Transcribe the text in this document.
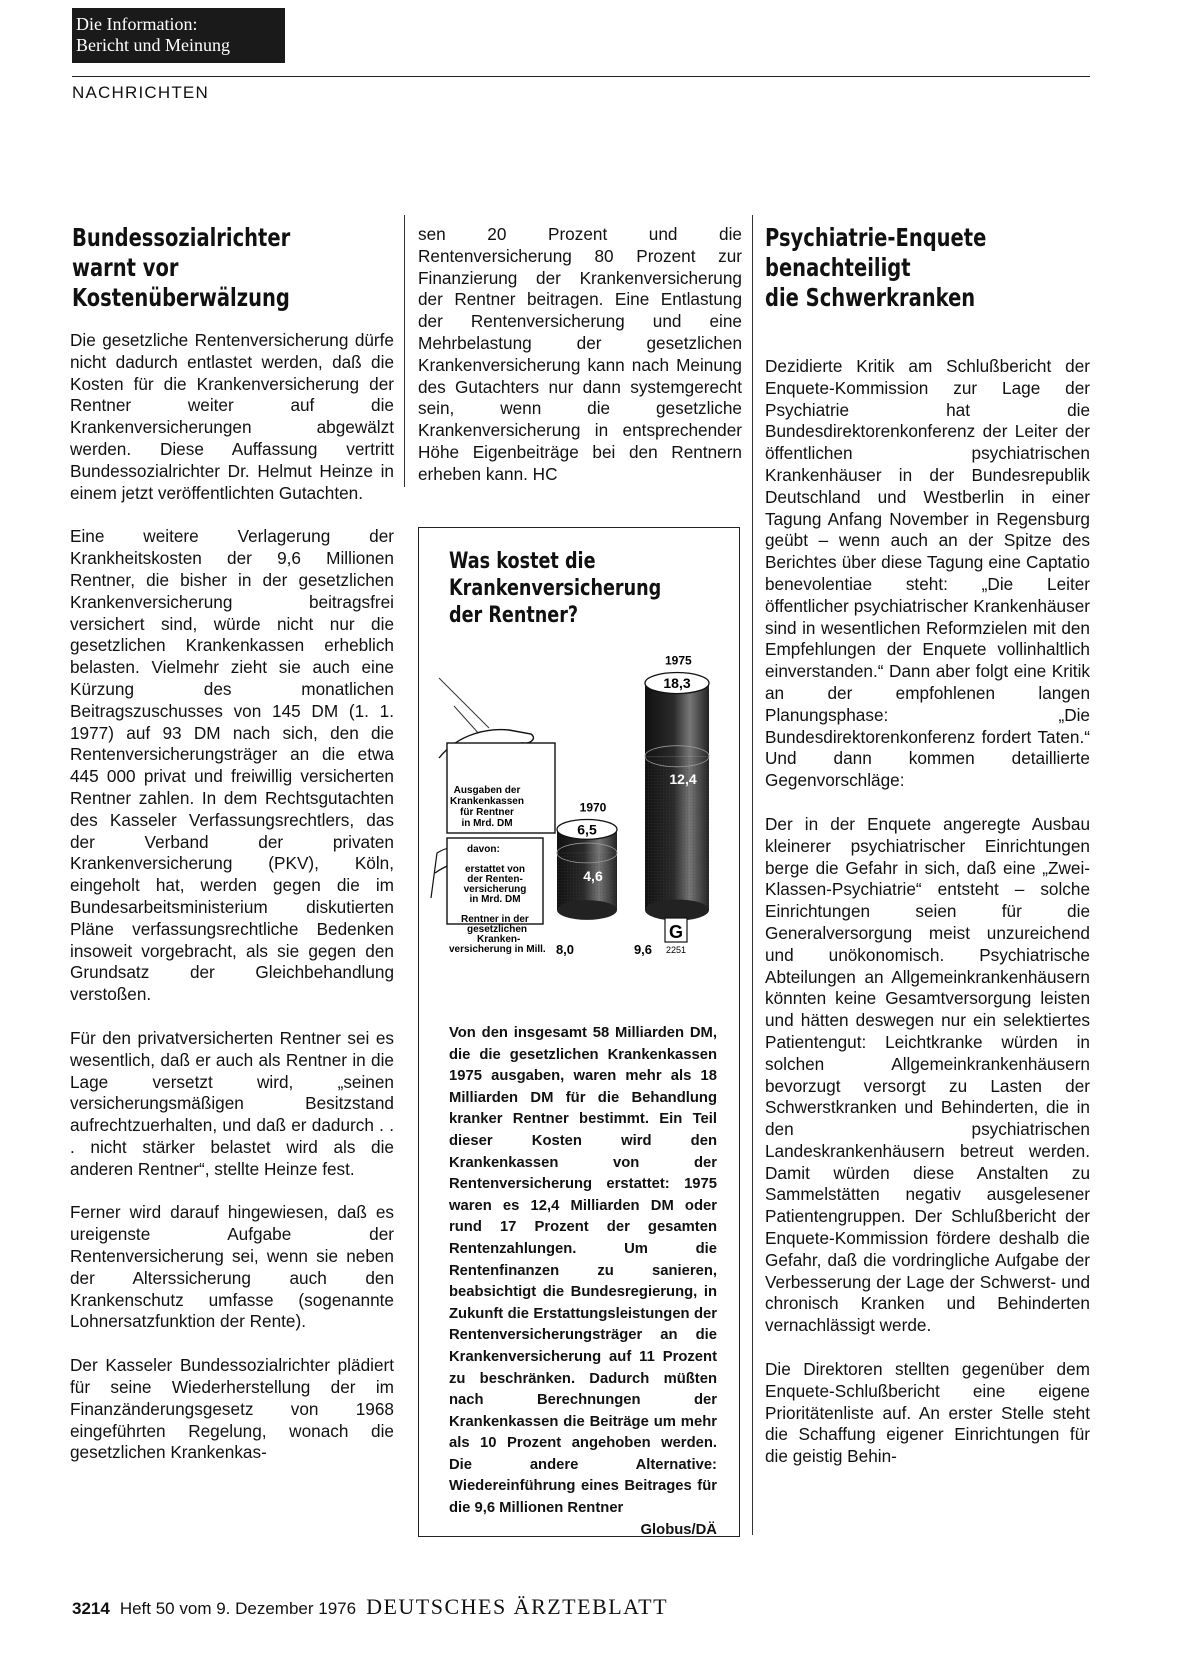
Die Information:
Bericht und Meinung
NACHRICHTEN
Bundessozialrichter
warnt vor
Kostenüberwälzung

Die gesetzliche Rentenversicherung dürfe nicht dadurch entlastet werden, daß die Kosten für die Krankenversicherung der Rentner weiter auf die Krankenversicherungen abgewälzt werden. Diese Auffassung vertritt Bundessozialrichter Dr. Helmut Heinze in einem jetzt veröffentlichten Gutachten.

Eine weitere Verlagerung der Krankheitskosten der 9,6 Millionen Rentner, die bisher in der gesetzlichen Krankenversicherung beitragsfrei versichert sind, würde nicht nur die gesetzlichen Krankenkassen erheblich belasten. Vielmehr zieht sie auch eine Kürzung des monatlichen Beitragszuschusses von 145 DM (1. 1. 1977) auf 93 DM nach sich, den die Rentenversicherungsträger an die etwa 445 000 privat und freiwillig versicherten Rentner zahlen. In dem Rechtsgutachten des Kasseler Verfassungsrechtlers, das der Verband der privaten Krankenversicherung (PKV), Köln, eingeholt hat, werden gegen die im Bundesarbeitsministerium diskutierten Pläne verfassungsrechtliche Bedenken insoweit vorgebracht, als sie gegen den Grundsatz der Gleichbehandlung verstoßen.

Für den privatversicherten Rentner sei es wesentlich, daß er auch als Rentner in die Lage versetzt wird, „seinen versicherungsmäßigen Besitzstand aufrechtzuerhalten, und daß er dadurch . . . nicht stärker belastet wird als die anderen Rentner“, stellte Heinze fest.

Ferner wird darauf hingewiesen, daß es ureigenste Aufgabe der Rentenversicherung sei, wenn sie neben der Alterssicherung auch den Krankenschutz umfasse (sogenannte Lohnersatzfunktion der Rente).

Der Kasseler Bundessozialrichter plädiert für seine Wiederherstellung der im Finanzänderungsgesetz von 1968 eingeführten Regelung, wonach die gesetzlichen Krankenkas-

sen 20 Prozent und die Rentenversicherung 80 Prozent zur Finanzierung der Krankenversicherung der Rentner beitragen. Eine Entlastung der Rentenversicherung und eine Mehrbelastung der gesetzlichen Krankenversicherung kann nach Meinung des Gutachters nur dann systemgerecht sein, wenn die gesetzliche Krankenversicherung in entsprechender Höhe Eigenbeiträge bei den Rentnern erheben kann. HC

Was kostet die
Krankenversicherung
der Rentner?
6,5
4,6
1970
8,0
18,3
12,4
1975
9,6
Rentner in der
gesetzlichen
Kranken-
versicherung in Mill.
Ausgaben der
Krankenkassen
für Rentner
in Mrd. DM
davon:
erstattet von
der Renten-
versicherung
in Mrd. DM
G
2251
Von den insgesamt 58 Milliarden DM, die die gesetzlichen Krankenkassen 1975 ausgaben, waren mehr als 18 Milliarden DM für die Behandlung kranker Rentner bestimmt. Ein Teil dieser Kosten wird den Krankenkassen von der Rentenversicherung erstattet: 1975 waren es 12,4 Milliarden DM oder rund 17 Prozent der gesamten Rentenzahlungen. Um die Rentenfinanzen zu sanieren, beabsichtigt die Bundesregierung, in Zukunft die Erstattungsleistungen der Rentenversicherungsträger an die Krankenversicherung auf 11 Prozent zu beschränken. Dadurch müßten nach Berechnungen der Krankenkassen die Beiträge um mehr als 10 Prozent angehoben werden. Die andere Alternative: Wiedereinführung eines Beitrages für die 9,6 Millionen Rentner
Globus/DÄ
Psychiatrie-Enquete
benachteiligt
die Schwerkranken

Dezidierte Kritik am Schlußbericht der Enquete-Kommission zur Lage der Psychiatrie hat die Bundesdirektorenkonferenz der Leiter der öffentlichen psychiatrischen Krankenhäuser in der Bundesrepublik Deutschland und Westberlin in einer Tagung Anfang November in Regensburg geübt – wenn auch an der Spitze des Berichtes über diese Tagung eine Captatio benevolentiae steht: „Die Leiter öffentlicher psychiatrischer Krankenhäuser sind in wesentlichen Reformzielen mit den Empfehlungen der Enquete vollinhaltlich einverstanden.“ Dann aber folgt eine Kritik an der empfohlenen langen Planungsphase: „Die Bundesdirektorenkonferenz fordert Taten.“ Und dann kommen detaillierte Gegenvorschläge:

Der in der Enquete angeregte Ausbau kleinerer psychiatrischer Einrichtungen berge die Gefahr in sich, daß eine „Zwei-Klassen-Psychiatrie“ entsteht – solche Einrichtungen seien für die Generalversorgung meist unzureichend und unökonomisch. Psychiatrische Abteilungen an Allgemeinkrankenhäusern könnten keine Gesamtversorgung leisten und hätten deswegen nur ein selektiertes Patientengut: Leichtkranke würden in solchen Allgemeinkrankenhäusern bevorzugt versorgt zu Lasten der Schwerstkranken und Behinderten, die in den psychiatrischen Landeskrankenhäusern betreut werden. Damit würden diese Anstalten zu Sammelstätten negativ ausgelesener Patientengruppen. Der Schlußbericht der Enquete-Kommission fördere deshalb die Gefahr, daß die vordringliche Aufgabe der Verbesserung der Lage der Schwerst- und chronisch Kranken und Behinderten vernachlässigt werde.

Die Direktoren stellten gegenüber dem Enquete-Schlußbericht eine eigene Prioritätenliste auf. An erster Stelle steht die Schaffung eigener Einrichtungen für die geistig Behin-

3214 Heft 50 vom 9. Dezember 1976 DEUTSCHES ÄRZTEBLATT
